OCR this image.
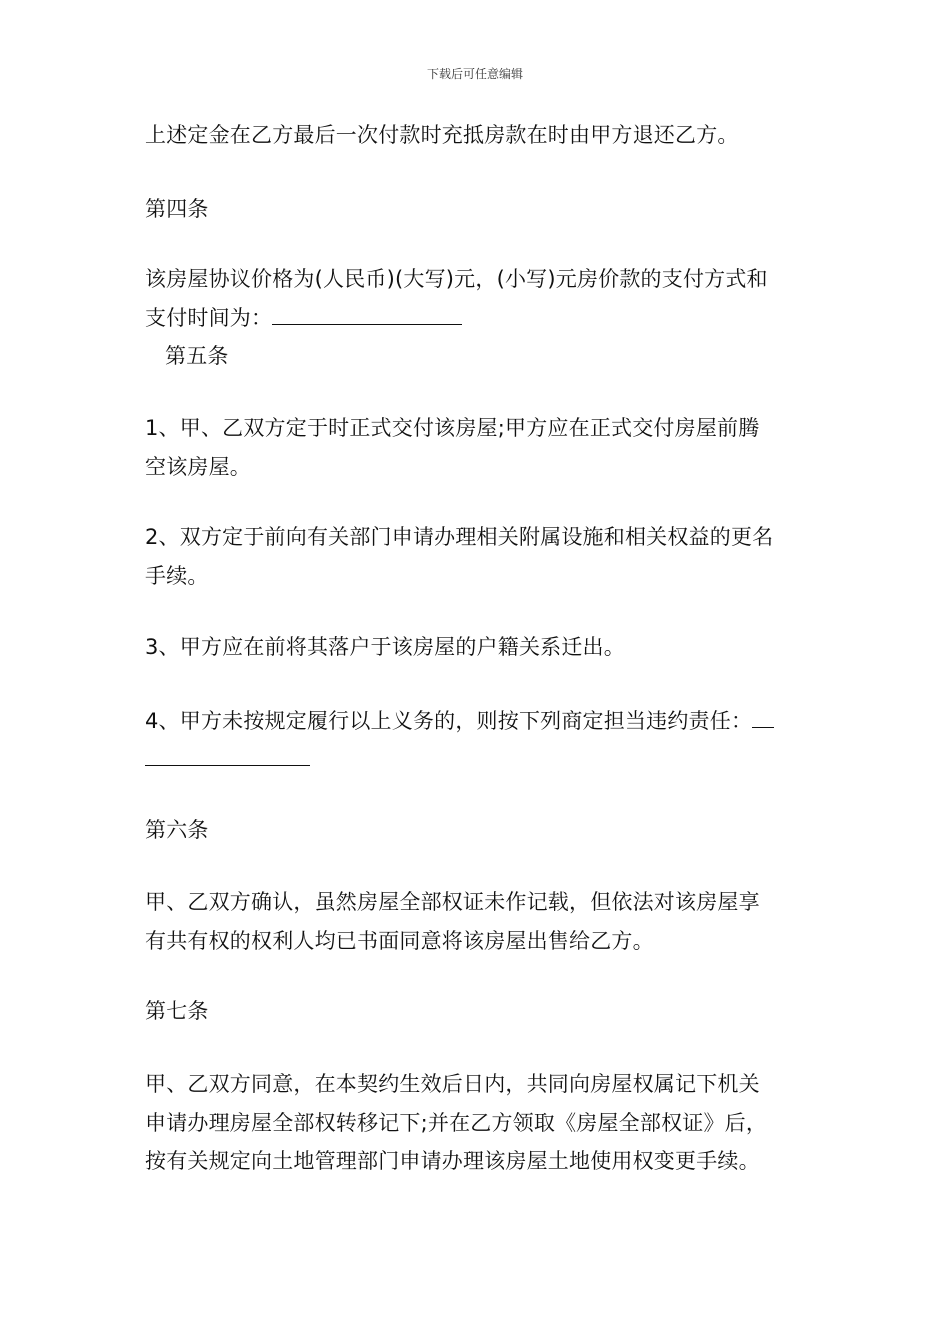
下载后可任意编辑
上述定金在乙方最后一次付款时充抵房款在时由甲方退还乙方。
第四条
该房屋协议价格为(人民币)(大写)元，(小写)元房价款的支付方式和
支付时间为：
第五条
1、甲、乙双方定于时正式交付该房屋;甲方应在正式交付房屋前腾
空该房屋。
2、双方定于前向有关部门申请办理相关附属设施和相关权益的更名
手续。
3、甲方应在前将其落户于该房屋的户籍关系迁出。
4、甲方未按规定履行以上义务的，则按下列商定担当违约责任：
第六条
甲、乙双方确认，虽然房屋全部权证未作记载，但依法对该房屋享
有共有权的权利人均已书面同意将该房屋出售给乙方。
第七条
甲、乙双方同意，在本契约生效后日内，共同向房屋权属记下机关
申请办理房屋全部权转移记下;并在乙方领取《房屋全部权证》后，
按有关规定向土地管理部门申请办理该房屋土地使用权变更手续。
